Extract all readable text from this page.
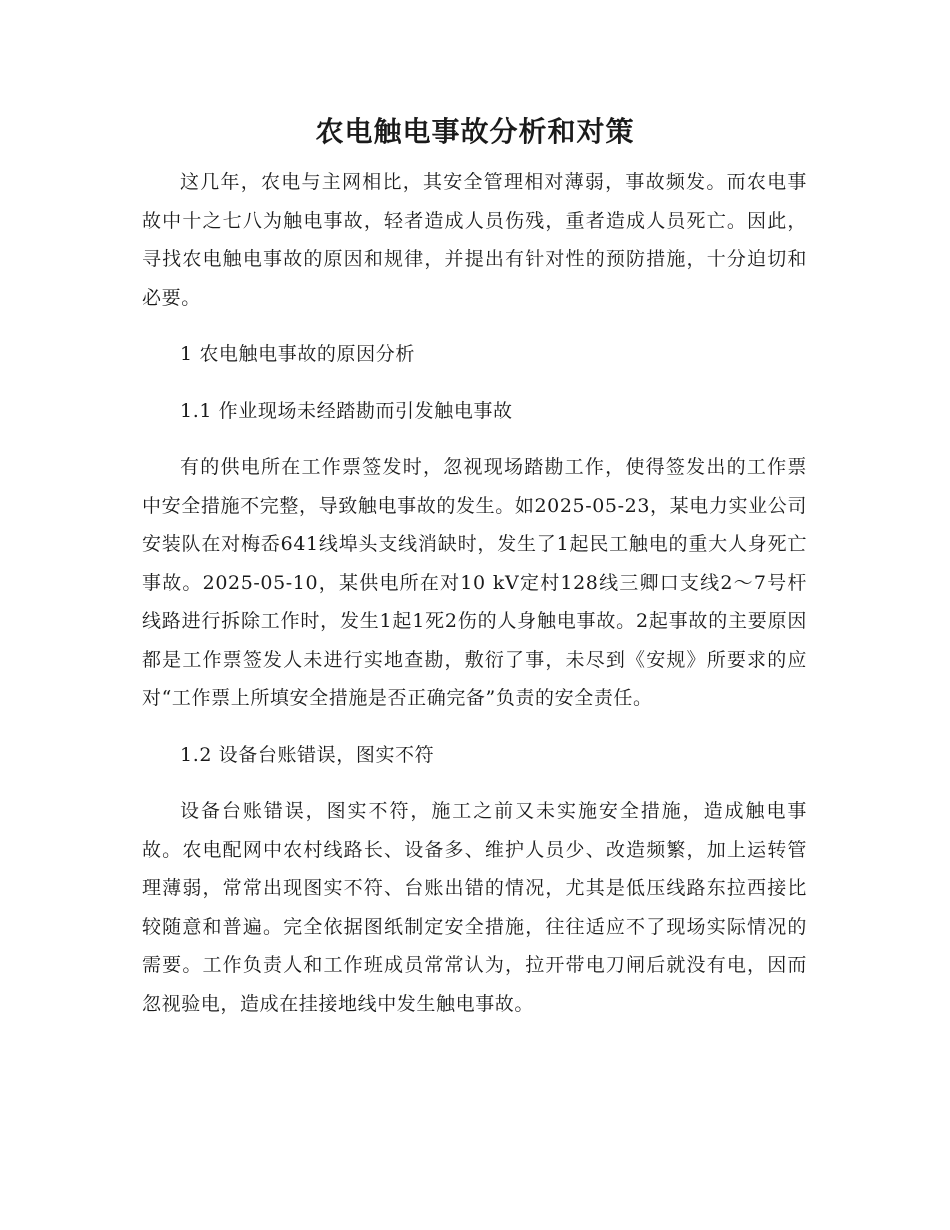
农电触电事故分析和对策

这几年，农电与主网相比，其安全管理相对薄弱，事故频发。而农电事故中十之七八为触电事故，轻者造成人员伤残，重者造成人员死亡。因此，寻找农电触电事故的原因和规律，并提出有针对性的预防措施，十分迫切和必要。

1 农电触电事故的原因分析

1.1 作业现场未经踏勘而引发触电事故

有的供电所在工作票签发时，忽视现场踏勘工作，使得签发出的工作票中安全措施不完整，导致触电事故的发生。如2025-05-23，某电力实业公司安装队在对梅岙641线埠头支线消缺时，发生了1起民工触电的重大人身死亡事故。2025-05-10，某供电所在对10 kV定村128线三卿口支线2～7号杆线路进行拆除工作时，发生1起1死2伤的人身触电事故。2起事故的主要原因都是工作票签发人未进行实地查勘，敷衍了事，未尽到《安规》所要求的应对“工作票上所填安全措施是否正确完备”负责的安全责任。

1.2 设备台账错误，图实不符

设备台账错误，图实不符，施工之前又未实施安全措施，造成触电事故。农电配网中农村线路长、设备多、维护人员少、改造频繁，加上运转管理薄弱，常常出现图实不符、台账出错的情况，尤其是低压线路东拉西接比较随意和普遍。完全依据图纸制定安全措施，往往适应不了现场实际情况的需要。工作负责人和工作班成员常常认为，拉开带电刀闸后就没有电，因而忽视验电，造成在挂接地线中发生触电事故。
